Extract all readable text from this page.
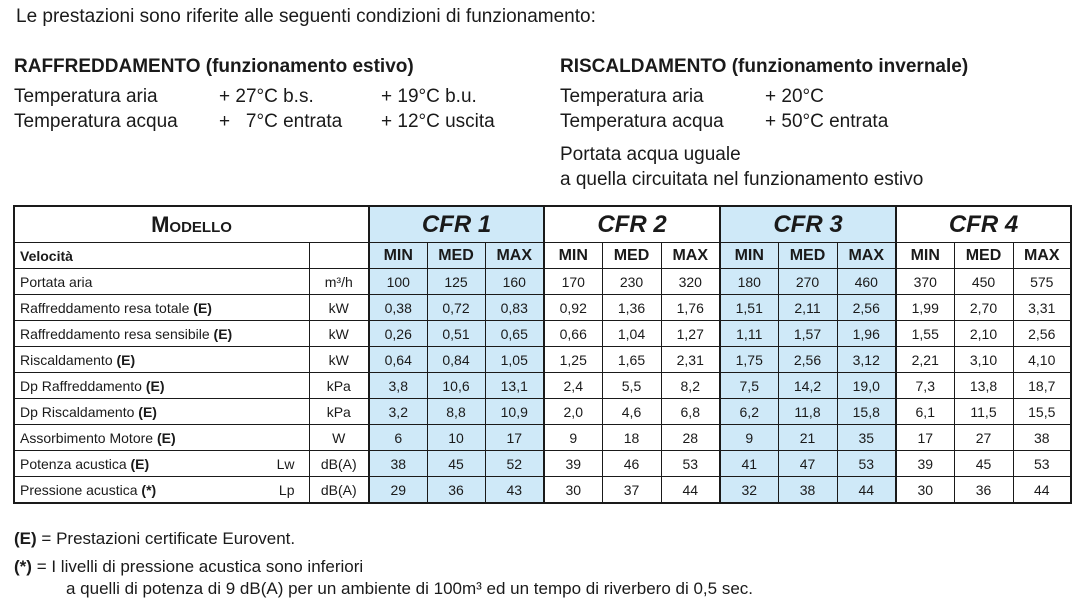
Le prestazioni sono riferite alle seguenti condizioni di funzionamento:
RAFFREDDAMENTO (funzionamento estivo)
Temperatura aria	+ 27°C b.s.	+ 19°C b.u.
Temperatura acqua	+   7°C entrata	+ 12°C uscita
RISCALDAMENTO (funzionamento invernale)
Temperatura aria	+ 20°C
Temperatura acqua	+ 50°C entrata
Portata acqua uguale
a quella circuitata nel funzionamento estivo
Modello		CFR 1			CFR 2			CFR 3			CFR 4		
Velocità		MIN	MED	MAX	MIN	MED	MAX	MIN	MED	MAX	MIN	MED	MAX
Portata aria	m³/h	100	125	160	170	230	320	180	270	460	370	450	575
Raffreddamento resa totale (E)	kW	0,38	0,72	0,83	0,92	1,36	1,76	1,51	2,11	2,56	1,99	2,70	3,31
Raffreddamento resa sensibile (E)	kW	0,26	0,51	0,65	0,66	1,04	1,27	1,11	1,57	1,96	1,55	2,10	2,56
Riscaldamento (E)	kW	0,64	0,84	1,05	1,25	1,65	2,31	1,75	2,56	3,12	2,21	3,10	4,10
Dp Raffreddamento (E)	kPa	3,8	10,6	13,1	2,4	5,5	8,2	7,5	14,2	19,0	7,3	13,8	18,7
Dp Riscaldamento (E)	kPa	3,2	8,8	10,9	2,0	4,6	6,8	6,2	11,8	15,8	6,1	11,5	15,5
Assorbimento Motore (E)	W	6	10	17	9	18	28	9	21	35	17	27	38
Potenza acustica (E) Lw	dB(A)	38	45	52	39	46	53	41	47	53	39	45	53
Pressione acustica (*) Lp	dB(A)	29	36	43	30	37	44	32	38	44	30	36	44
(E) = Prestazioni certificate Eurovent.
(*) = I livelli di pressione acustica sono inferiori
a quelli di potenza di 9 dB(A) per un ambiente di 100m³ ed un tempo di riverbero di 0,5 sec.
